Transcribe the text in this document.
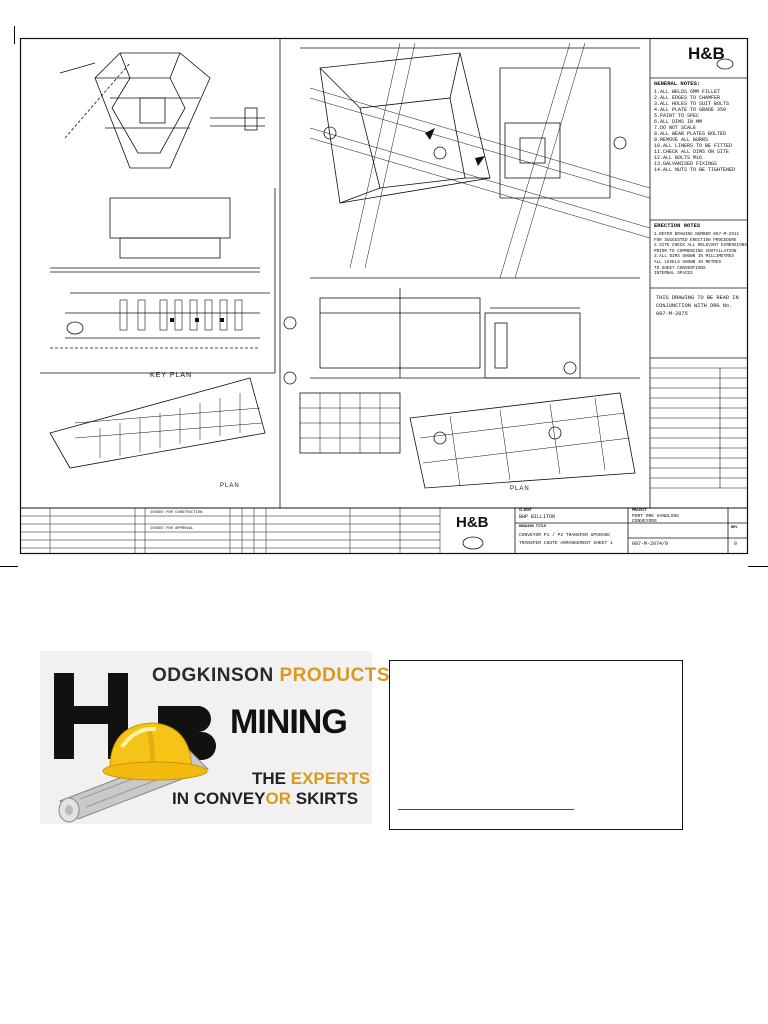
H&B
GENERAL NOTES:
1.ALL WELDS 6MM FILLET
2.ALL EDGES TO CHAMFER
3.ALL HOLES TO SUIT BOLTS
4.ALL PLATE TO GRADE 350
5.PAINT TO SPEC
6.ALL DIMS IN MM
7.DO NOT SCALE
8.ALL WEAR PLATES BOLTED
9.REMOVE ALL BURRS
10.ALL LINERS TO BE FITTED
11.CHECK ALL DIMS ON SITE
12.ALL BOLTS M16
13.GALVANISED FIXINGS
14.ALL NUTS TO BE TIGHTENED
ERECTION NOTES
1.REFER DRAWING NUMBER 087-M-2911
FOR SUGGESTED ERECTION PROCEDURE
2.SITE CHECK ALL RELEVANT DIMENSIONS
PRIOR TO COMMENCING INSTALLATION
3.ALL DIMS SHOWN IN MILLIMETRES
ALL LEVELS SHOWN IN METRES
TO SHEET CONVENTIONS
INTERNAL SPACES
THIS DRAWING TO BE READ IN
CONJUNCTION WITH DRG No.
087-M-2075
KEY PLAN
PLAN	PLAN
ISSUED FOR CONSTRUCTION
ISSUED FOR APPROVAL	H&B
CLIENT
BHP BILLITON
DRAWING TITLE
CONVEYOR P1 / P2 TRANSFER UPGRADE
TRANSFER CHUTE ARRANGEMENT SHEET 1
PROJECT
PORT ORE HANDLING
CONVEYORS
087-M-2074/0
REV
0
ODGKINSON PRODUCTS
MINING
THE EXPERTS
IN CONVEYOR SKIRTS
